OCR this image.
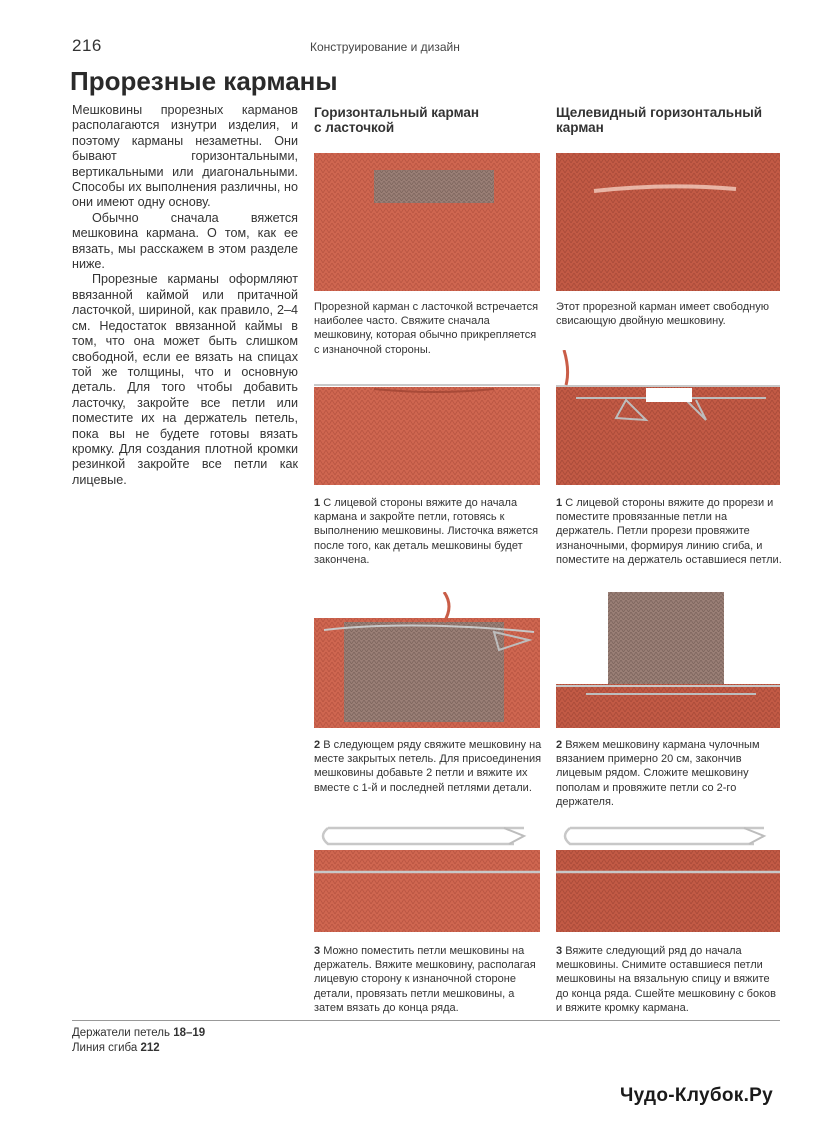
216	Конструирование и дизайн
Прорезные карманы

Мешковины прорезных карманов располагаются изнутри изделия, и поэтому карманы незаметны. Они бывают горизонтальными, вертикальными или диагональными. Способы их выполнения различны, но они имеют одну основу.

Обычно сначала вяжется мешковина кармана. О том, как ее вязать, мы расскажем в этом разделе ниже.

Прорезные карманы оформляют ввязанной каймой или притачной ласточкой, шириной, как правило, 2–4 см. Недостаток ввязанной каймы в том, что она может быть слишком свободной, если ее вязать на спицах той же толщины, что и основную деталь. Для того чтобы добавить ласточку, закройте все петли или поместите их на держатель петель, пока вы не будете готовы вязать кромку. Для создания плотной кромки резинкой закройте все петли как лицевые.

Горизонтальный карман
с ласточкой
Щелевидный горизонтальный
карман
Прорезной карман с ласточкой встречается наиболее часто. Свяжите сначала мешковину, которая обычно прикрепляется с изнаночной стороны.
Этот прорезной карман имеет свободную свисающую двойную мешковину.
1 С лицевой стороны вяжите до начала кармана и закройте петли, готовясь к выполнению мешковины. Листочка вяжется после того, как деталь мешковины будет закончена.
1 С лицевой стороны вяжите до прорези и поместите провязанные петли на держатель. Петли прорези провяжите изнаночными, формируя линию сгиба, и поместите на держатель оставшиеся петли.
2 В следующем ряду свяжите мешковину на месте закрытых петель. Для присоединения мешковины добавьте 2 петли и вяжите их вместе с 1-й и последней петлями детали.
2 Вяжем мешковину кармана чулочным вязанием примерно 20 см, закончив лицевым рядом. Сложите мешковину пополам и провяжите петли со 2-го держателя.
3 Можно поместить петли мешковины на держатель. Вяжите мешковину, располагая лицевую сторону к изнаночной стороне детали, провязать петли мешковины, а затем вязать до конца ряда.
3 Вяжите следующий ряд до начала мешковины. Снимите оставшиеся петли мешковины на вязальную спицу и вяжите до конца ряда. Сшейте мешковину с боков и вяжите кромку кармана.
Держатели петель 18–19
Линия сгиба 212
Чудо-Клубок.Ру
